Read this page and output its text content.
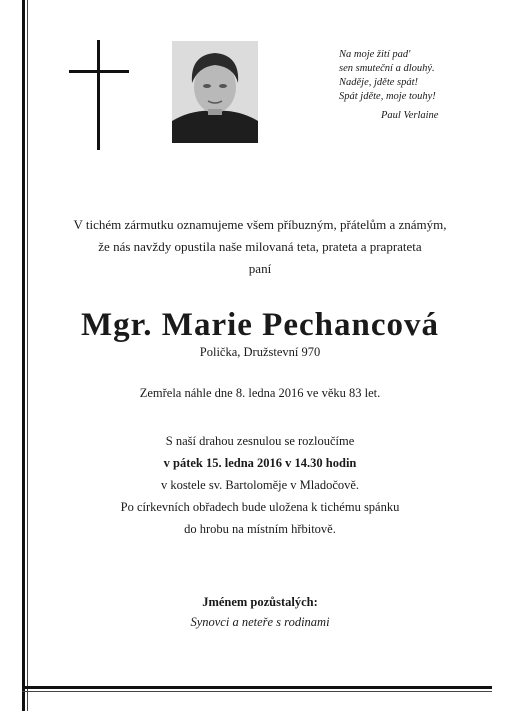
Na moje žití pad'
sen smuteční a dlouhý.
Naděje, jděte spát!
Spát jděte, moje touhy!
Paul Verlaine
V tichém zármutku oznamujeme všem příbuzným, přátelům a známým,
že nás navždy opustila naše milovaná teta, prateta a praprateta
paní
Mgr. Marie Pechancová
Polička, Družstevní 970
Zemřela náhle dne 8. ledna 2016 ve věku 83 let.
S naší drahou zesnulou se rozloučíme
v pátek 15. ledna 2016 v 14.30 hodin
v kostele sv. Bartoloměje v Mladočově.
Po církevních obřadech bude uložena k tichému spánku
do hrobu na místním hřbitově.
Jménem pozůstalých:
Synovci a neteře s rodinami
